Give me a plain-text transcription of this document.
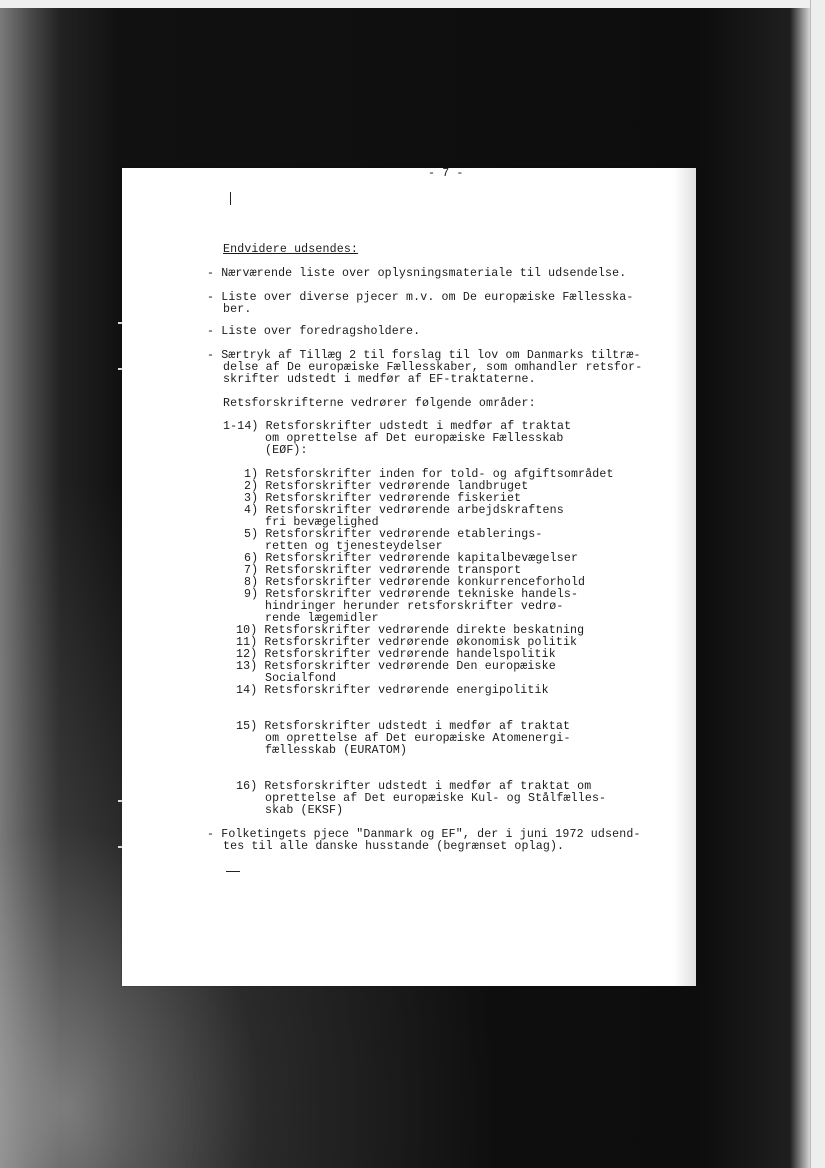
- 7 -

Endvidere udsendes:

- Nærværende liste over oplysningsmateriale til udsendelse.

- Liste over diverse pjecer m.v. om De europæiske Fællesska-

ber.

- Liste over foredragsholdere.

- Særtryk af Tillæg 2 til forslag til lov om Danmarks tiltræ-

delse af De europæiske Fællesskaber, som omhandler retsfor-

skrifter udstedt i medfør af EF-traktaterne.

Retsforskrifterne vedrører følgende områder:

1-14) Retsforskrifter udstedt i medfør af traktat

om oprettelse af Det europæiske Fællesskab

(EØF):

1) Retsforskrifter inden for told- og afgiftsområdet

2) Retsforskrifter vedrørende landbruget

3) Retsforskrifter vedrørende fiskeriet

4) Retsforskrifter vedrørende arbejdskraftens

fri bevægelighed

5) Retsforskrifter vedrørende etablerings-

retten og tjenesteydelser

6) Retsforskrifter vedrørende kapitalbevægelser

7) Retsforskrifter vedrørende transport

8) Retsforskrifter vedrørende konkurrenceforhold

9) Retsforskrifter vedrørende tekniske handels-

hindringer herunder retsforskrifter vedrø-

rende lægemidler

10) Retsforskrifter vedrørende direkte beskatning

11) Retsforskrifter vedrørende økonomisk politik

12) Retsforskrifter vedrørende handelspolitik

13) Retsforskrifter vedrørende Den europæiske

Socialfond

14) Retsforskrifter vedrørende energipolitik

15) Retsforskrifter udstedt i medfør af traktat

om oprettelse af Det europæiske Atomenergi-

fællesskab (EURATOM)

16) Retsforskrifter udstedt i medfør af traktat om

oprettelse af Det europæiske Kul- og Stålfælles-

skab (EKSF)

- Folketingets pjece "Danmark og EF", der i juni 1972 udsend-

tes til alle danske husstande (begrænset oplag).
